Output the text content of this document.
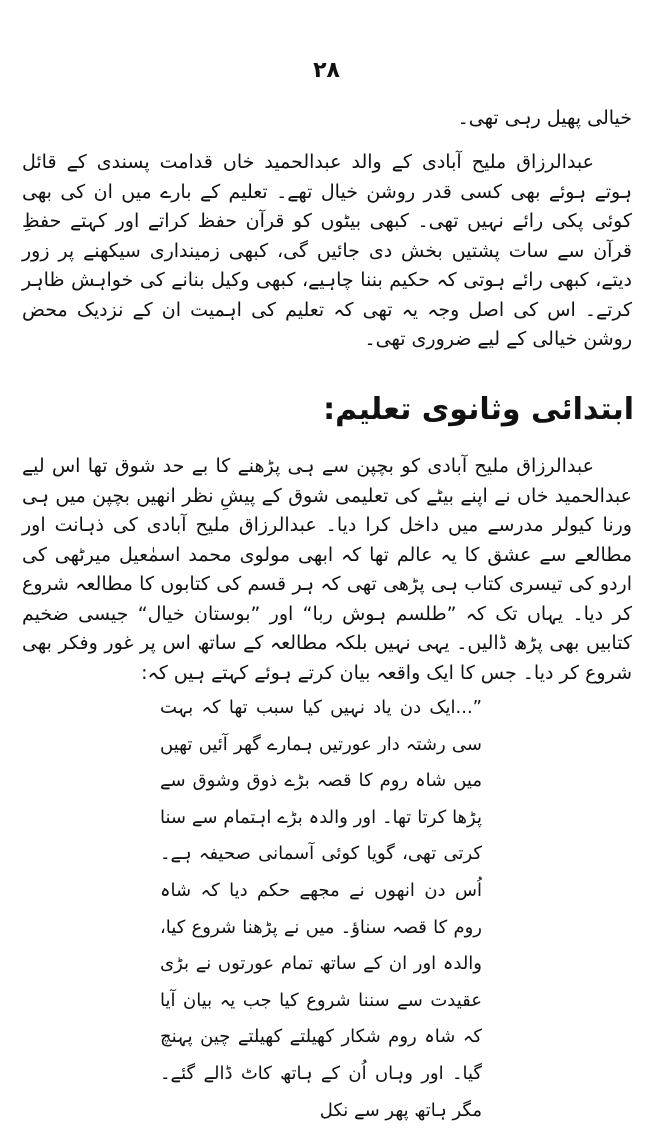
۲۸

خیالی پھیل رہی تھی۔

عبدالرزاق ملیح آبادی کے والد عبدالحمید خاں قدامت پسندی کے قائل ہوتے ہوئے بھی کسی قدر روشن خیال تھے۔ تعلیم کے بارے میں ان کی بھی کوئی پکی رائے نہیں تھی۔ کبھی بیٹوں کو قرآن حفظ کراتے اور کہتے حفظِ قرآن سے سات پشتیں بخش دی جائیں گی، کبھی زمینداری سیکھنے پر زور دیتے، کبھی رائے ہوتی کہ حکیم بننا چاہیے، کبھی وکیل بنانے کی خواہش ظاہر کرتے۔ اس کی اصل وجہ یہ تھی کہ تعلیم کی اہمیت ان کے نزدیک محض روشن خیالی کے لیے ضروری تھی۔

ابتدائی وثانوی تعلیم:

عبدالرزاق ملیح آبادی کو بچپن سے ہی پڑھنے کا بے حد شوق تھا اس لیے عبدالحمید خاں نے اپنے بیٹے کی تعلیمی شوق کے پیشِ نظر انھیں بچپن میں ہی ورنا کیولر مدرسے میں داخل کرا دیا۔ عبدالرزاق ملیح آبادی کی ذہانت اور مطالعے سے عشق کا یہ عالم تھا کہ ابھی مولوی محمد اسمٰعیل میرٹھی کی اردو کی تیسری کتاب ہی پڑھی تھی کہ ہر قسم کی کتابوں کا مطالعہ شروع کر دیا۔ یہاں تک کہ ”طلسم ہوش ربا“ اور ”بوستان خیال“ جیسی ضخیم کتابیں بھی پڑھ ڈالیں۔ یہی نہیں بلکہ مطالعہ کے ساتھ اس پر غور وفکر بھی شروع کر دیا۔ جس کا ایک واقعہ بیان کرتے ہوئے کہتے ہیں کہ:

”...ایک دن یاد نہیں کیا سبب تھا کہ بہت سی رشتہ دار عورتیں ہمارے گھر آئیں تھیں میں شاہ روم کا قصہ بڑے ذوق وشوق سے پڑھا کرتا تھا۔ اور والدہ بڑے اہتمام سے سنا کرتی تھی، گویا کوئی آسمانی صحیفہ ہے۔ اُس دن انھوں نے مجھے حکم دیا کہ شاہ روم کا قصہ سناؤ۔ میں نے پڑھنا شروع کیا، والدہ اور ان کے ساتھ تمام عورتوں نے بڑی عقیدت سے سننا شروع کیا جب یہ بیان آیا کہ شاہ روم شکار کھیلتے کھیلتے چین پہنچ گیا۔ اور وہاں اُن کے ہاتھ کاٹ ڈالے گئے۔ مگر ہاتھ پھر سے نکل
